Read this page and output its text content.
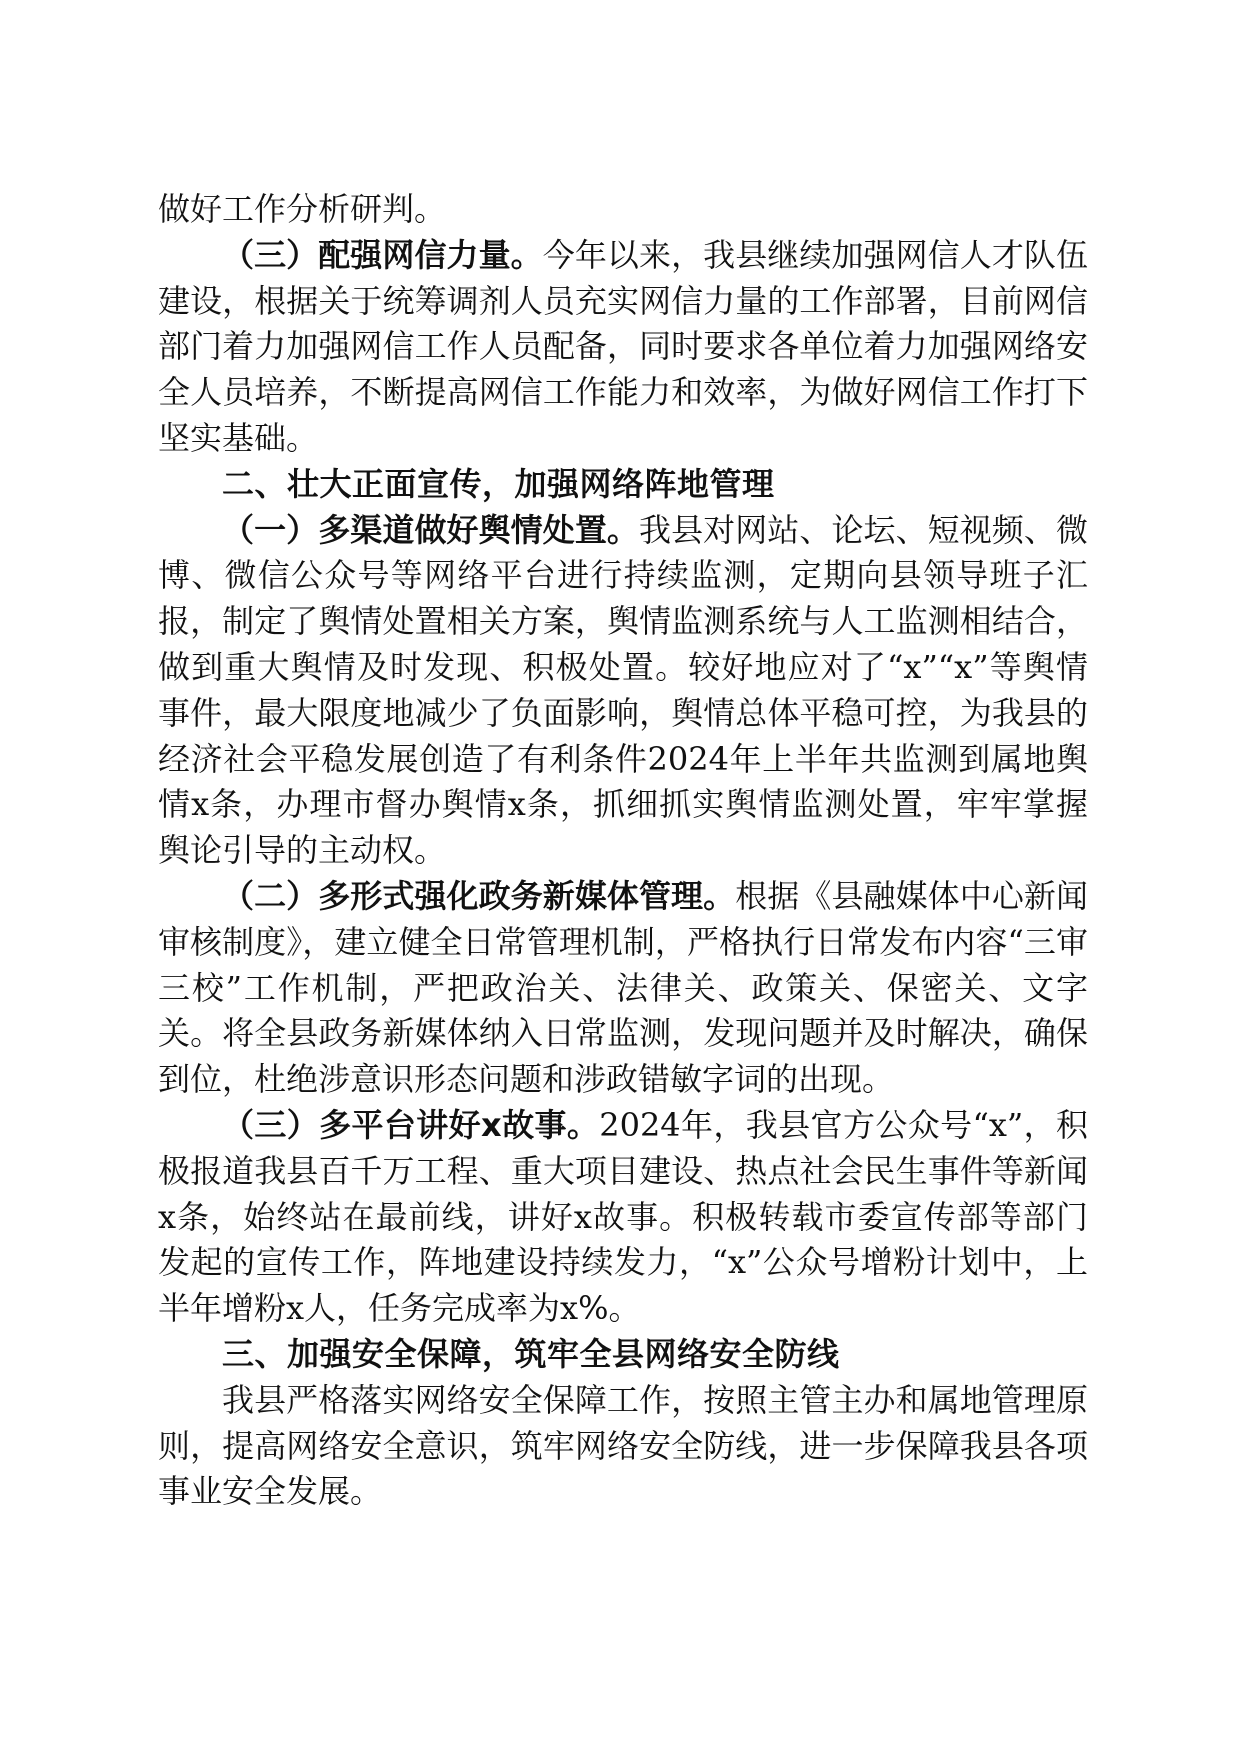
做好工作分析研判。

（三）配强网信力量。今年以来，我县继续加强网信人才队伍建设，根据关于统筹调剂人员充实网信力量的工作部署，目前网信部门着力加强网信工作人员配备，同时要求各单位着力加强网络安全人员培养，不断提高网信工作能力和效率，为做好网信工作打下坚实基础。

二、壮大正面宣传，加强网络阵地管理

（一）多渠道做好舆情处置。我县对网站、论坛、短视频、微博、微信公众号等网络平台进行持续监测，定期向县领导班子汇报，制定了舆情处置相关方案，舆情监测系统与人工监测相结合，做到重大舆情及时发现、积极处置。较好地应对了“x”“x”等舆情事件，最大限度地减少了负面影响，舆情总体平稳可控，为我县的经济社会平稳发展创造了有利条件2024年上半年共监测到属地舆情x条，办理市督办舆情x条，抓细抓实舆情监测处置，牢牢掌握舆论引导的主动权。

（二）多形式强化政务新媒体管理。根据《县融媒体中心新闻审核制度》，建立健全日常管理机制，严格执行日常发布内容“三审三校”工作机制，严把政治关、法律关、政策关、保密关、文字关。将全县政务新媒体纳入日常监测，发现问题并及时解决，确保到位，杜绝涉意识形态问题和涉政错敏字词的出现。

（三）多平台讲好x故事。2024年，我县官方公众号“x”，积极报道我县百千万工程、重大项目建设、热点社会民生事件等新闻x条，始终站在最前线，讲好x故事。积极转载市委宣传部等部门发起的宣传工作，阵地建设持续发力，“x”公众号增粉计划中，上半年增粉x人，任务完成率为x%。

三、加强安全保障，筑牢全县网络安全防线

我县严格落实网络安全保障工作，按照主管主办和属地管理原则，提高网络安全意识，筑牢网络安全防线，进一步保障我县各项事业安全发展。
